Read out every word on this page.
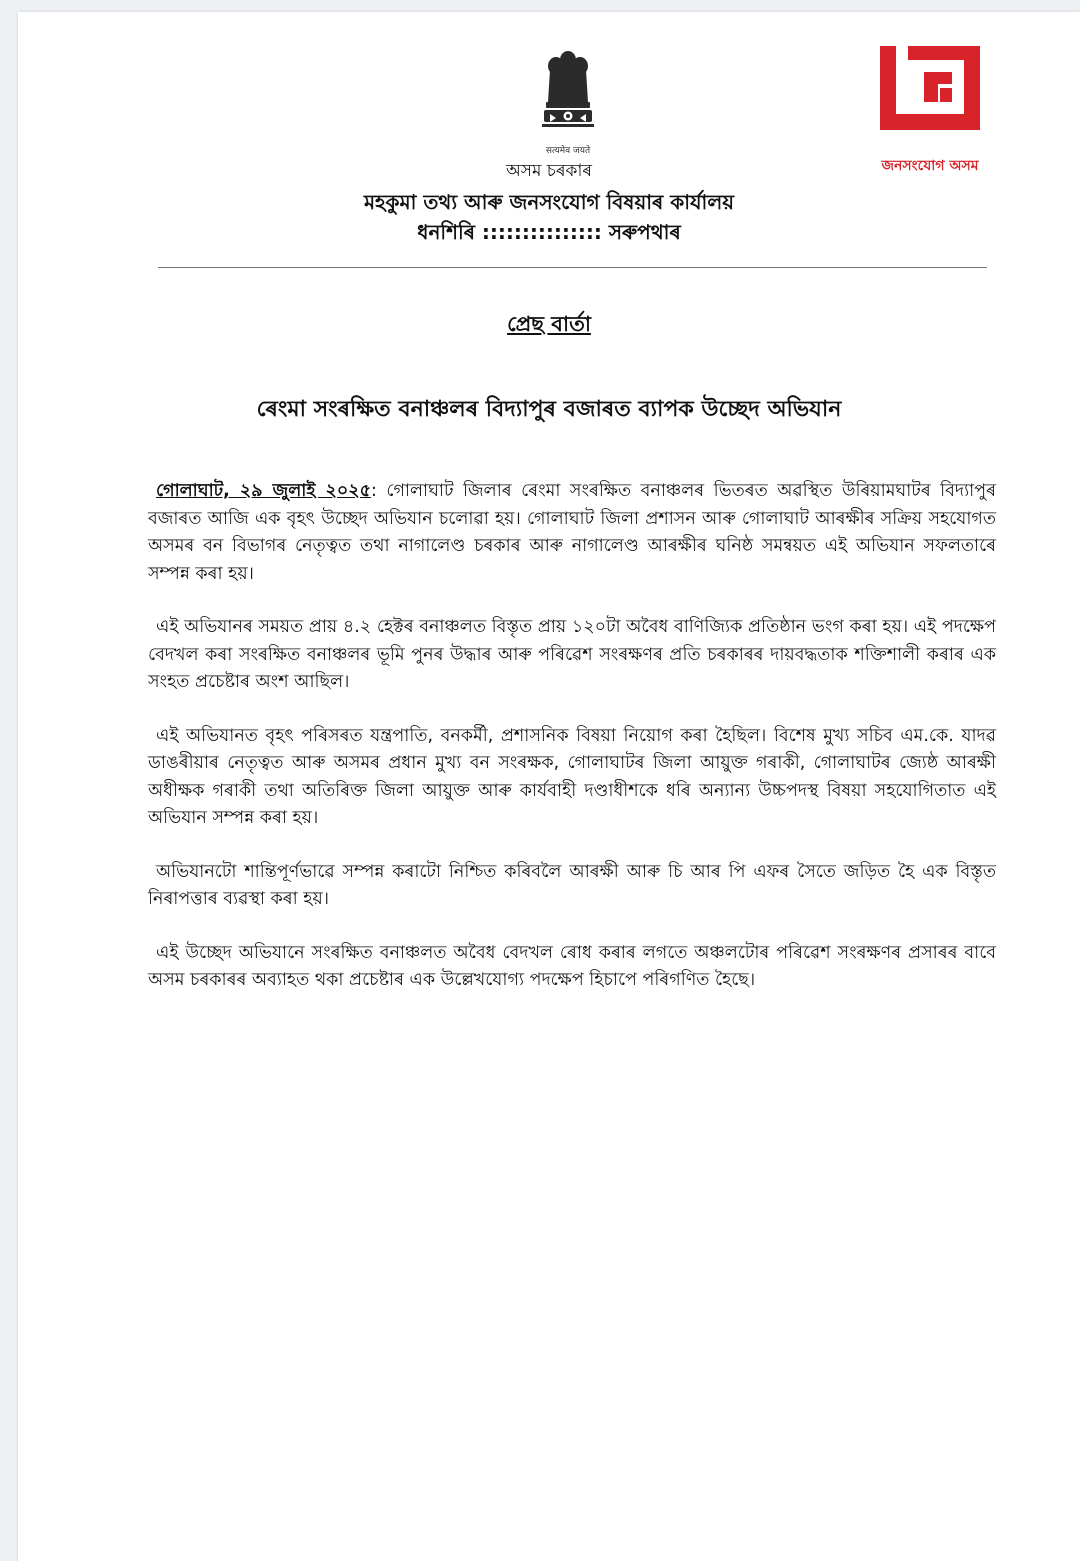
सत्यमेव जयते
জনসংযোগ অসম
অসম চৰকাৰ
মহকুমা তথ্য আৰু জনসংযোগ বিষয়াৰ কাৰ্যালয়
ধনশিৰি ::::::::::::::: সৰুপথাৰ
প্ৰেছ বাৰ্তা
ৰেংমা সংৰক্ষিত বনাঞ্চলৰ বিদ্যাপুৰ বজাৰত ব্যাপক উচ্ছেদ অভিযান

গোলাঘাট, ২৯ জুলাই ২০২৫: গোলাঘাট জিলাৰ ৰেংমা সংৰক্ষিত বনাঞ্চলৰ ভিতৰত অৱস্থিত উৰিয়ামঘাটৰ বিদ্যাপুৰ বজাৰত আজি এক বৃহৎ উচ্ছেদ অভিযান চলোৱা হয়। গোলাঘাট জিলা প্ৰশাসন আৰু গোলাঘাট আৰক্ষীৰ সক্ৰিয় সহযোগত অসমৰ বন বিভাগৰ নেতৃত্বত তথা নাগালেণ্ড চৰকাৰ আৰু নাগালেণ্ড আৰক্ষীৰ ঘনিষ্ঠ সমন্বয়ত এই অভিযান সফলতাৰে সম্পন্ন কৰা হয়।

এই অভিযানৰ সময়ত প্ৰায় ৪.২ হেক্টৰ বনাঞ্চলত বিস্তৃত প্ৰায় ১২০টা অবৈধ বাণিজ্যিক প্ৰতিষ্ঠান ভংগ কৰা হয়। এই পদক্ষেপ বেদখল কৰা সংৰক্ষিত বনাঞ্চলৰ ভূমি পুনৰ উদ্ধাৰ আৰু পৰিৱেশ সংৰক্ষণৰ প্ৰতি চৰকাৰৰ দায়বদ্ধতাক শক্তিশালী কৰাৰ এক সংহত প্ৰচেষ্টাৰ অংশ আছিল।

এই অভিযানত বৃহৎ পৰিসৰত যন্ত্ৰপাতি, বনকৰ্মী, প্ৰশাসনিক বিষয়া নিয়োগ কৰা হৈছিল। বিশেষ মুখ্য সচিব এম.কে. যাদৱ ডাঙৰীয়াৰ নেতৃত্বত আৰু অসমৰ প্ৰধান মুখ্য বন সংৰক্ষক, গোলাঘাটৰ জিলা আয়ুক্ত গৰাকী, গোলাঘাটৰ জ্যেষ্ঠ আৰক্ষী অধীক্ষক গৰাকী তথা অতিৰিক্ত জিলা আয়ুক্ত আৰু কাৰ্যবাহী দণ্ডাধীশকে ধৰি অন্যান্য উচ্চপদস্থ বিষয়া সহযোগিতাত এই অভিযান সম্পন্ন কৰা হয়।

অভিযানটো শান্তিপূৰ্ণভাৱে সম্পন্ন কৰাটো নিশ্চিত কৰিবলৈ আৰক্ষী আৰু চি আৰ পি এফৰ সৈতে জড়িত হৈ এক বিস্তৃত নিৰাপত্তাৰ ব্যৱস্থা কৰা হয়।

এই উচ্ছেদ অভিযানে সংৰক্ষিত বনাঞ্চলত অবৈধ বেদখল ৰোধ কৰাৰ লগতে অঞ্চলটোৰ পৰিৱেশ সংৰক্ষণৰ প্ৰসাৰৰ বাবে অসম চৰকাৰৰ অব্যাহত থকা প্ৰচেষ্টাৰ এক উল্লেখযোগ্য পদক্ষেপ হিচাপে পৰিগণিত হৈছে।
